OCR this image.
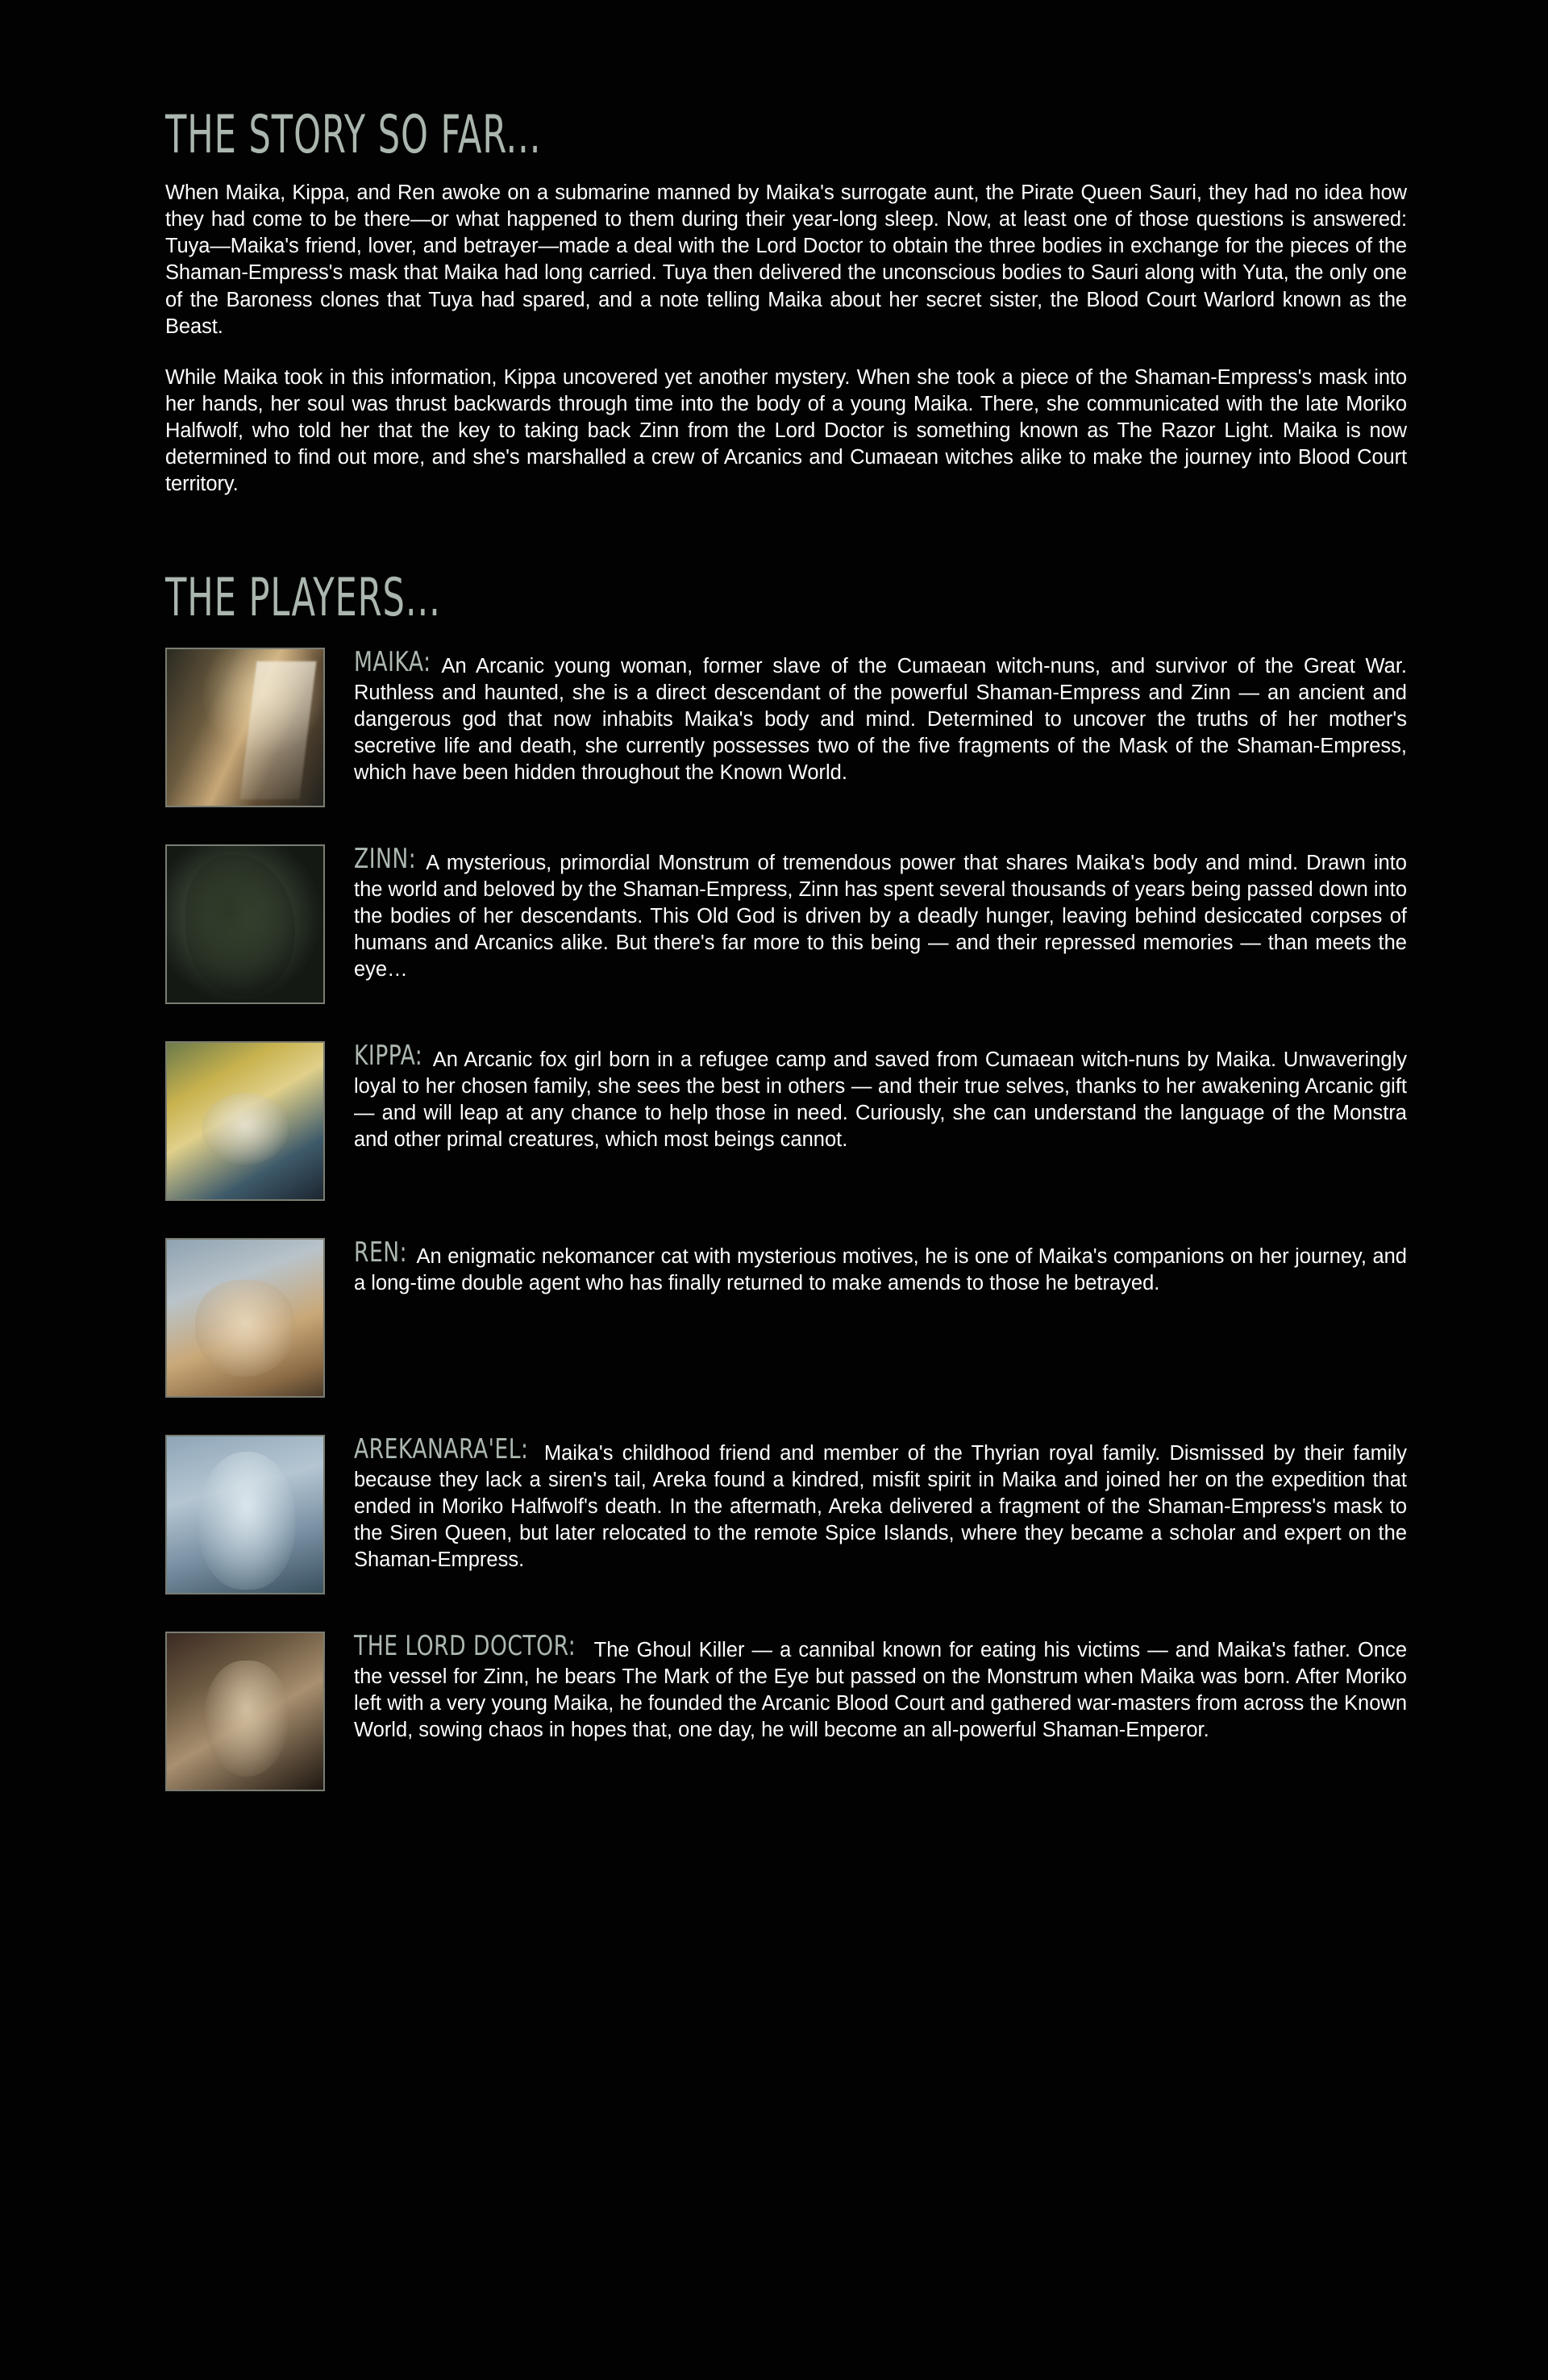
THE STORY SO FAR...

When Maika, Kippa, and Ren awoke on a submarine manned by Maika's surrogate aunt, the Pirate Queen Sauri, they had no idea how they had come to be there—or what happened to them during their year-long sleep. Now, at least one of those questions is answered: Tuya—Maika's friend, lover, and betrayer—made a deal with the Lord Doctor to obtain the three bodies in exchange for the pieces of the Shaman-Empress's mask that Maika had long carried. Tuya then delivered the unconscious bodies to Sauri along with Yuta, the only one of the Baroness clones that Tuya had spared, and a note telling Maika about her secret sister, the Blood Court Warlord known as the Beast.

While Maika took in this information, Kippa uncovered yet another mystery. When she took a piece of the Shaman-Empress's mask into her hands, her soul was thrust backwards through time into the body of a young Maika. There, she communicated with the late Moriko Halfwolf, who told her that the key to taking back Zinn from the Lord Doctor is something known as The Razor Light. Maika is now determined to find out more, and she's marshalled a crew of Arcanics and Cumaean witches alike to make the journey into Blood Court territory.

THE PLAYERS...
MAIKA: An Arcanic young woman, former slave of the Cumaean witch-nuns, and survivor of the Great War. Ruthless and haunted, she is a direct descendant of the powerful Shaman-Empress and Zinn — an ancient and dangerous god that now inhabits Maika's body and mind. Determined to uncover the truths of her mother's secretive life and death, she currently possesses two of the five fragments of the Mask of the Shaman-Empress, which have been hidden throughout the Known World.
ZINN: A mysterious, primordial Monstrum of tremendous power that shares Maika's body and mind. Drawn into the world and beloved by the Shaman-Empress, Zinn has spent several thousands of years being passed down into the bodies of her descendants. This Old God is driven by a deadly hunger, leaving behind desiccated corpses of humans and Arcanics alike. But there's far more to this being — and their repressed memories — than meets the eye…
KIPPA: An Arcanic fox girl born in a refugee camp and saved from Cumaean witch-nuns by Maika. Unwaveringly loyal to her chosen family, she sees the best in others — and their true selves, thanks to her awakening Arcanic gift — and will leap at any chance to help those in need. Curiously, she can understand the language of the Monstra and other primal creatures, which most beings cannot.
REN: An enigmatic nekomancer cat with mysterious motives, he is one of Maika's companions on her journey, and a long-time double agent who has finally returned to make amends to those he betrayed.
AREKANARA'EL: Maika's childhood friend and member of the Thyrian royal family. Dismissed by their family because they lack a siren's tail, Areka found a kindred, misfit spirit in Maika and joined her on the expedition that ended in Moriko Halfwolf's death. In the aftermath, Areka delivered a fragment of the Shaman-Empress's mask to the Siren Queen, but later relocated to the remote Spice Islands, where they became a scholar and expert on the Shaman-Empress.
THE LORD DOCTOR: The Ghoul Killer — a cannibal known for eating his victims — and Maika's father. Once the vessel for Zinn, he bears The Mark of the Eye but passed on the Monstrum when Maika was born. After Moriko left with a very young Maika, he founded the Arcanic Blood Court and gathered war-masters from across the Known World, sowing chaos in hopes that, one day, he will become an all-powerful Shaman-Emperor.
